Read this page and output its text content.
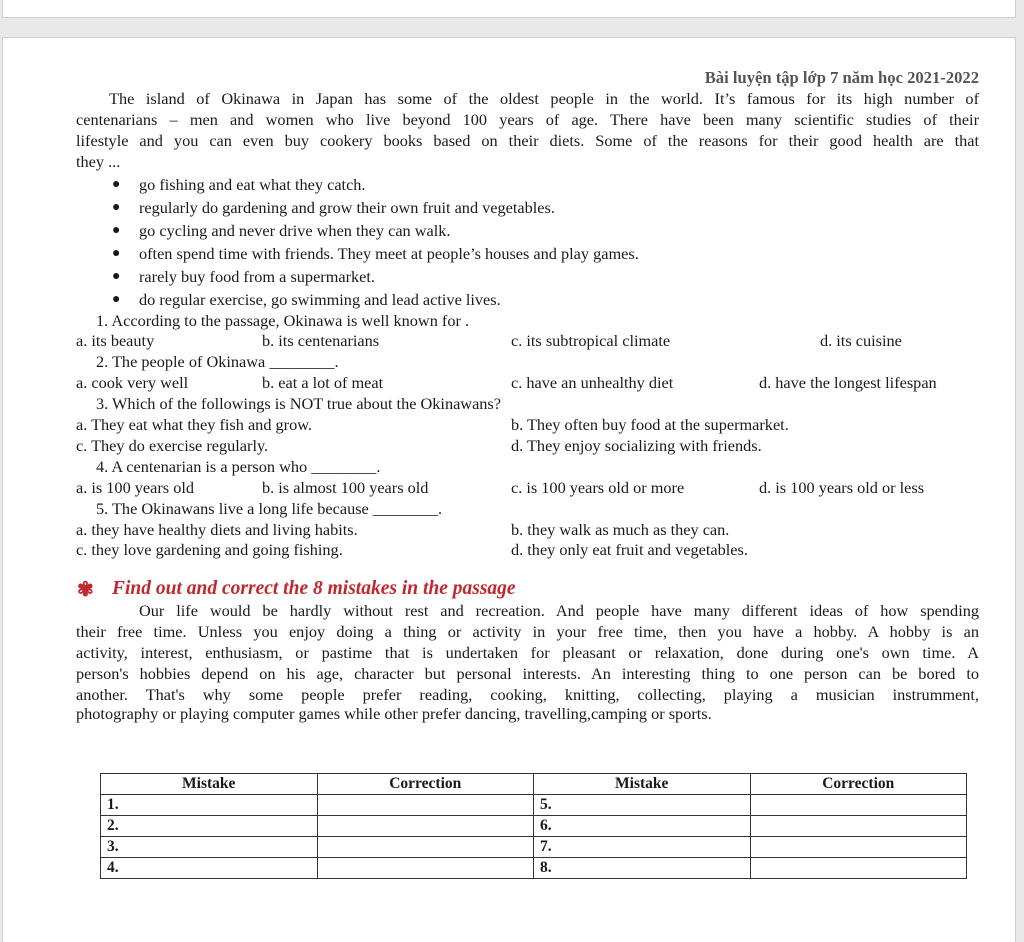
Bài luyện tập lớp 7 năm học 2021-2022
The island of Okinawa in Japan has some of the oldest people in the world. It’s famous for its high number of
centenarians – men and women who live beyond 100 years of age. There have been many scientific studies of their
lifestyle and you can even buy cookery books based on their diets. Some of the reasons for their good health are that
they ...
● go fishing and eat what they catch.
● regularly do gardening and grow their own fruit and vegetables.
● go cycling and never drive when they can walk.
● often spend time with friends. They meet at people’s houses and play games.
● rarely buy food from a supermarket.
● do regular exercise, go swimming and lead active lives.
1. According to the passage, Okinawa is well known for .
a. its beauty	b. its centenarians	c. its subtropical climate	d. its cuisine
2. The people of Okinawa ________.
a. cook very well	b. eat a lot of meat	c. have an unhealthy diet	d. have the longest lifespan
3. Which of the followings is NOT true about the Okinawans?
a. They eat what they fish and grow.	b. They often buy food at the supermarket.
c. They do exercise regularly.	d. They enjoy socializing with friends.
4. A centenarian is a person who ________.
a. is 100 years old	b. is almost 100 years old	c. is 100 years old or more	d. is 100 years old or less
5. The Okinawans live a long life because ________.
a. they have healthy diets and living habits.	b. they walk as much as they can.
c. they love gardening and going fishing.	d. they only eat fruit and vegetables.
✾ Find out and correct the 8 mistakes in the passage
Our life would be hardly without rest and recreation. And people have many different ideas of how spending
their free time. Unless you enjoy doing a thing or activity in your free time, then you have a hobby. A hobby is an
activity, interest, enthusiasm, or pastime that is undertaken for pleasant or relaxation, done during one's own time. A
person's hobbies depend on his age, character but personal interests. An interesting thing to one person can be bored to
another. That's why some people prefer reading, cooking, knitting, collecting, playing a musician instrumment,
photography or playing computer games while other prefer dancing, travelling,camping or sports.
Mistake	Correction	Mistake	Correction
1.		5.	
2.		6.	
3.		7.	
4.		8.	
